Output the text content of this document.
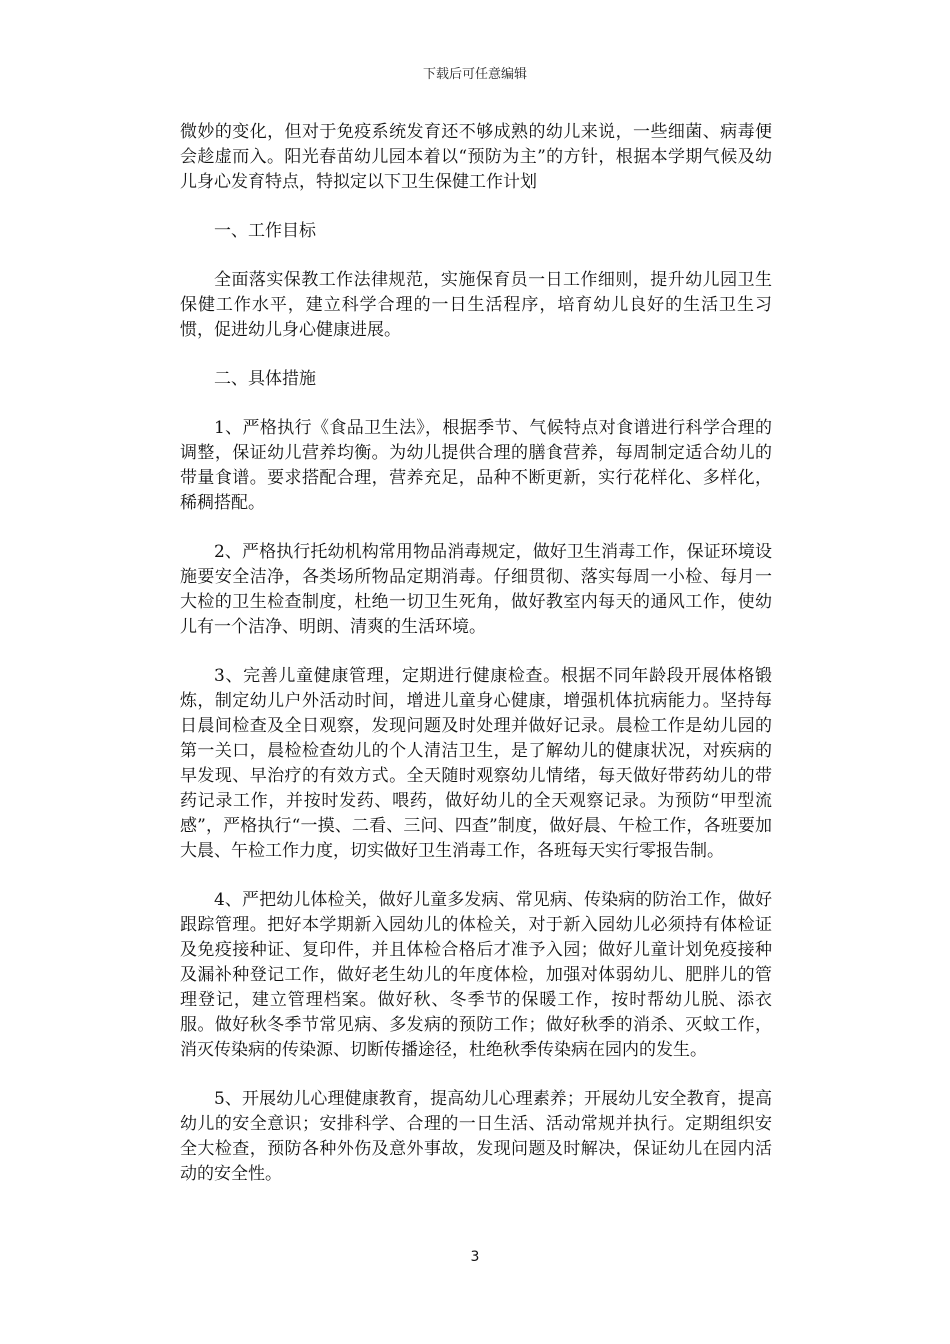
下载后可任意编辑

微妙的变化，但对于免疫系统发育还不够成熟的幼儿来说，一些细菌、病毒便会趁虚而入。阳光春苗幼儿园本着以“预防为主”的方针，根据本学期气候及幼儿身心发育特点，特拟定以下卫生保健工作计划

一、工作目标

全面落实保教工作法律规范，实施保育员一日工作细则，提升幼儿园卫生保健工作水平，建立科学合理的一日生活程序，培育幼儿良好的生活卫生习惯，促进幼儿身心健康进展。

二、具体措施

1、严格执行《食品卫生法》，根据季节、气候特点对食谱进行科学合理的调整，保证幼儿营养均衡。为幼儿提供合理的膳食营养，每周制定适合幼儿的带量食谱。要求搭配合理，营养充足，品种不断更新，实行花样化、多样化，稀稠搭配。

2、严格执行托幼机构常用物品消毒规定，做好卫生消毒工作，保证环境设施要安全洁净，各类场所物品定期消毒。仔细贯彻、落实每周一小检、每月一大检的卫生检查制度，杜绝一切卫生死角，做好教室内每天的通风工作，使幼儿有一个洁净、明朗、清爽的生活环境。

3、完善儿童健康管理，定期进行健康检查。根据不同年龄段开展体格锻炼，制定幼儿户外活动时间，增进儿童身心健康，增强机体抗病能力。坚持每日晨间检查及全日观察，发现问题及时处理并做好记录。晨检工作是幼儿园的第一关口，晨检检查幼儿的个人清洁卫生，是了解幼儿的健康状况，对疾病的早发现、早治疗的有效方式。全天随时观察幼儿情绪，每天做好带药幼儿的带药记录工作，并按时发药、喂药，做好幼儿的全天观察记录。为预防“甲型流感”，严格执行“一摸、二看、三问、四查”制度，做好晨、午检工作，各班要加大晨、午检工作力度，切实做好卫生消毒工作，各班每天实行零报告制。

4、严把幼儿体检关，做好儿童多发病、常见病、传染病的防治工作，做好跟踪管理。把好本学期新入园幼儿的体检关，对于新入园幼儿必须持有体检证及免疫接种证、复印件，并且体检合格后才准予入园；做好儿童计划免疫接种及漏补种登记工作，做好老生幼儿的年度体检，加强对体弱幼儿、肥胖儿的管理登记，建立管理档案。做好秋、冬季节的保暖工作，按时帮幼儿脱、添衣服。做好秋冬季节常见病、多发病的预防工作；做好秋季的消杀、灭蚊工作，消灭传染病的传染源、切断传播途径，杜绝秋季传染病在园内的发生。

5、开展幼儿心理健康教育，提高幼儿心理素养；开展幼儿安全教育，提高幼儿的安全意识；安排科学、合理的一日生活、活动常规并执行。定期组织安全大检查，预防各种外伤及意外事故，发现问题及时解决，保证幼儿在园内活动的安全性。

3
